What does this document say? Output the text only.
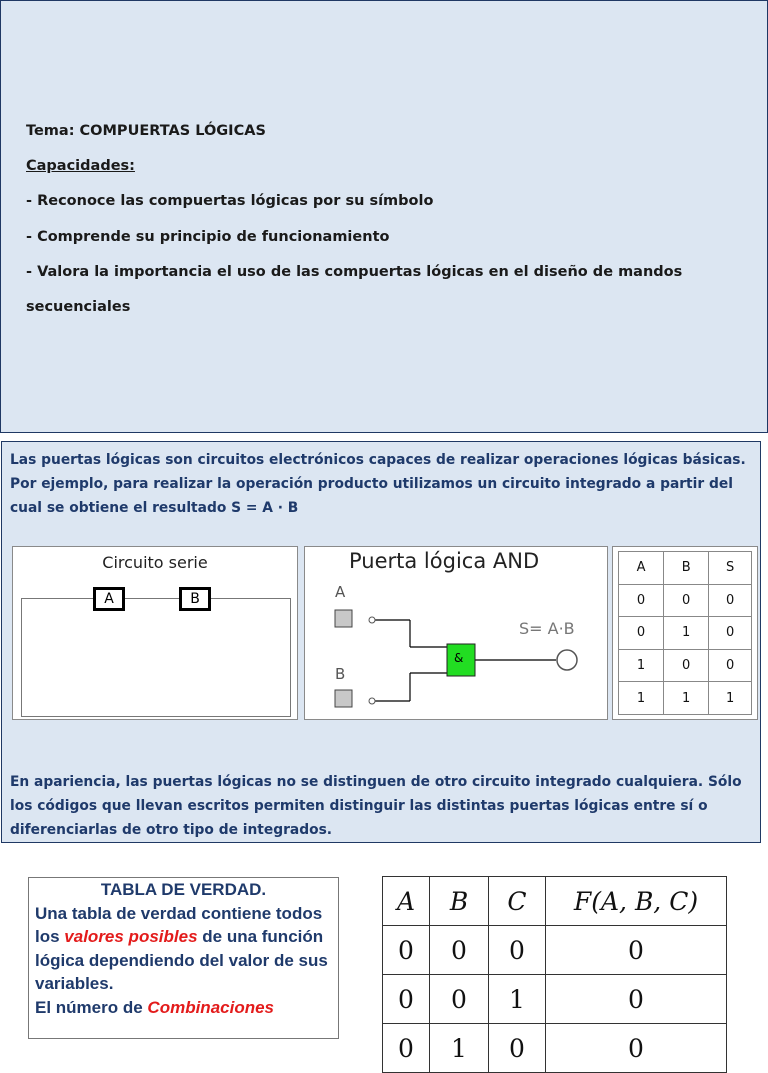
Tema: COMPUERTAS LÓGICAS
Capacidades:
- Reconoce las compuertas lógicas por su símbolo
- Comprende su principio de funcionamiento
- Valora la importancia el uso de las compuertas lógicas en el diseño de mandos
secuenciales
Las puertas lógicas son circuitos electrónicos capaces de realizar operaciones lógicas básicas. Por ejemplo, para realizar la operación producto utilizamos un circuito integrado a partir del cual se obtiene el resultado S = A · B
Circuito serie
A	B
Puerta lógica AND
A
B
&
S= A·B
A	B	S
0	0	0
0	1	0
1	0	0
1	1	1
En apariencia, las puertas lógicas no se distinguen de otro circuito integrado cualquiera. Sólo los códigos que llevan escritos permiten distinguir las distintas puertas lógicas entre sí o diferenciarlas de otro tipo de integrados.
TABLA DE VERDAD.
Una tabla de verdad contiene todos los valores posibles de una función lógica dependiendo del valor de sus variables.
El número de Combinaciones
A	B	C	F(A, B, C)
0	0	0	0
0	0	1	0
0	1	0	0
